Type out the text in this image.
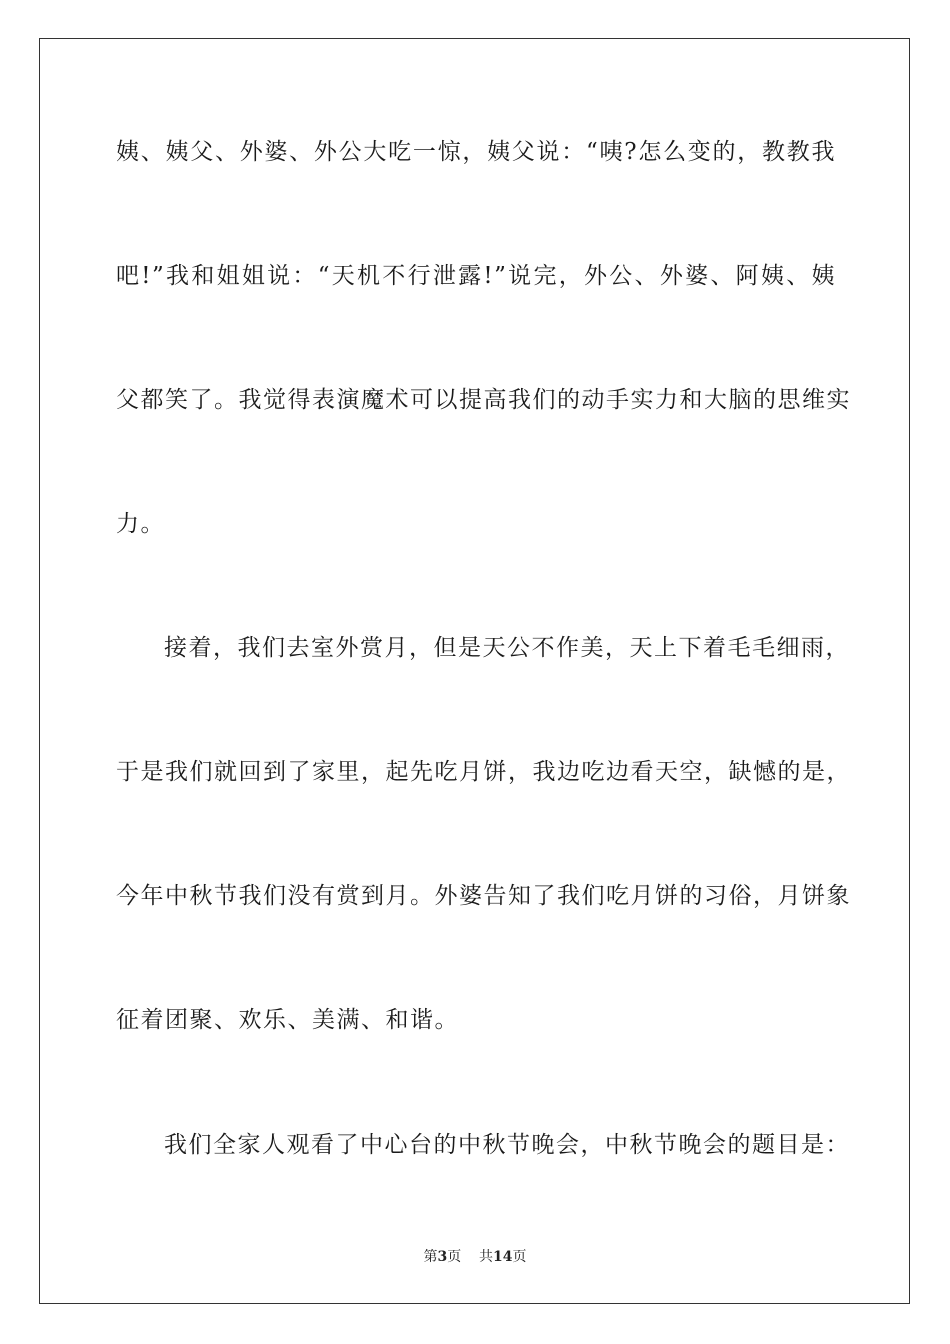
姨、姨父、外婆、外公大吃一惊，姨父说：“咦?怎么变的，教教我
吧!”我和姐姐说：“天机不行泄露!”说完，外公、外婆、阿姨、姨
父都笑了。我觉得表演魔术可以提高我们的动手实力和大脑的思维实
力。
接着，我们去室外赏月，但是天公不作美，天上下着毛毛细雨，
于是我们就回到了家里，起先吃月饼，我边吃边看天空，缺憾的是，
今年中秋节我们没有赏到月。外婆告知了我们吃月饼的习俗，月饼象
征着团聚、欢乐、美满、和谐。
我们全家人观看了中心台的中秋节晚会，中秋节晚会的题目是：
第3页 共14页
